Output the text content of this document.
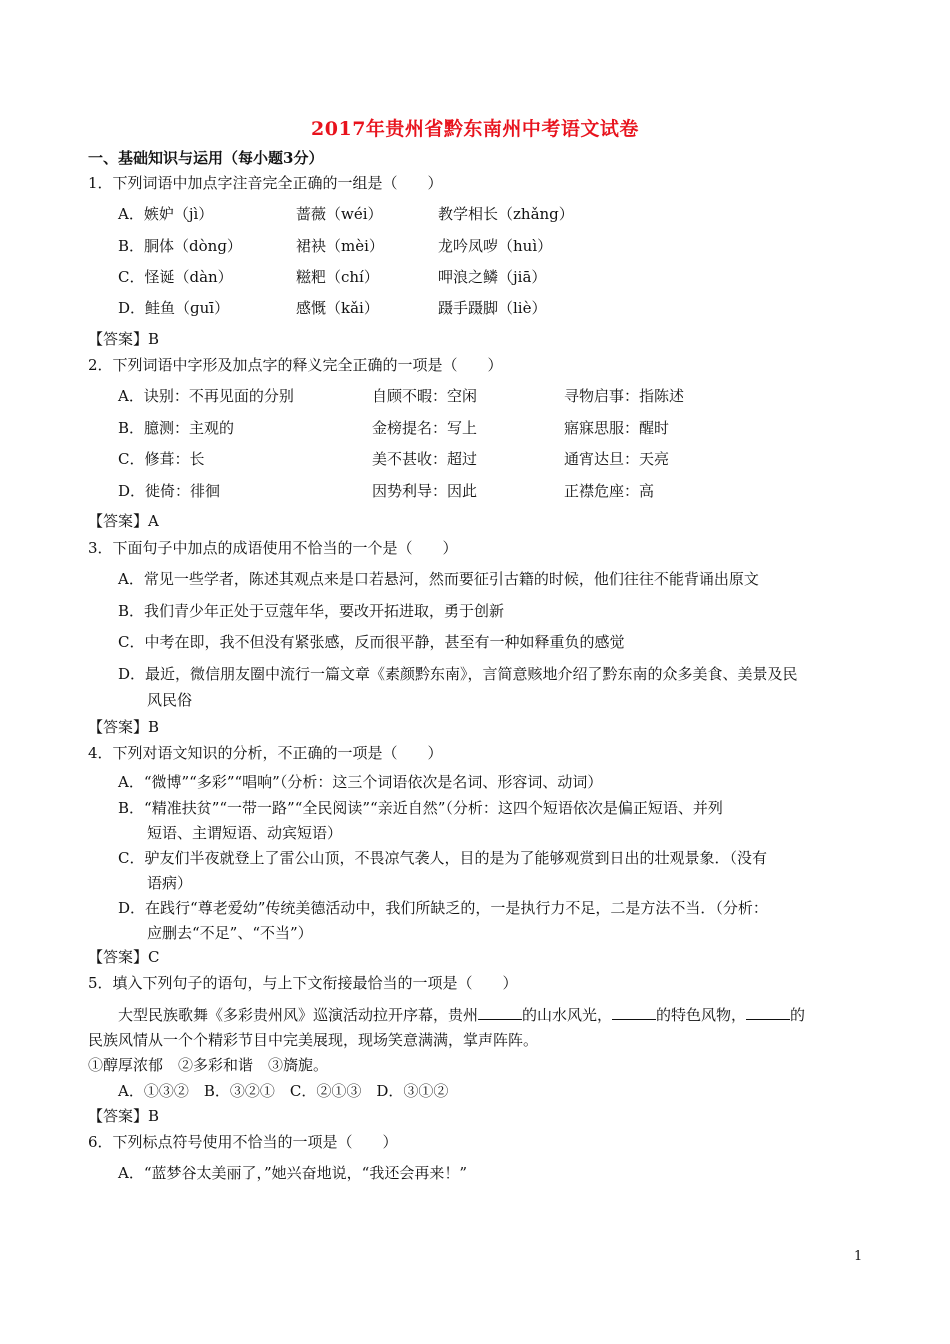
2017年贵州省黔东南州中考语文试卷
一、基础知识与运用（每小题3分）
1．下列词语中加点字注音完全正确的一组是（　　）
A．嫉妒（jì）	蔷薇（wéi）	教学相长（zhǎng）
B．胴体（dònɡ）	裙袂（mèi）	龙吟凤哕（huì）
C．怪诞（dàn）	糍粑（chí）	呷浪之鳞（jiā）
D．鲑鱼（ɡuī）	感慨（kǎi）	蹑手蹑脚（liè）
【答案】B
2．下列词语中字形及加点字的释义完全正确的一项是（　　）
A．诀别：不再见面的分别	自顾不暇：空闲	寻物启事：指陈述
B．臆测：主观的	金榜提名：写上	寤寐思服：醒时
C．修葺：长	美不甚收：超过	通宵达旦：天亮
D．徙倚：徘徊	因势利导：因此	正襟危座：高
【答案】A
3．下面句子中加点的成语使用不恰当的一个是（　　）
A．常见一些学者，陈述其观点来是口若悬河，然而要征引古籍的时候，他们往往不能背诵出原文
B．我们青少年正处于豆蔻年华，要改开拓进取，勇于创新
C．中考在即，我不但没有紧张感，反而很平静，甚至有一种如释重负的感觉
D．最近，微信朋友圈中流行一篇文章《素颜黔东南》，言简意赅地介绍了黔东南的众多美食、美景及民
风民俗
【答案】B
4．下列对语文知识的分析，不正确的一项是（　　）
A．“微博”“多彩”“唱响”（分析：这三个词语依次是名词、形容词、动词）
B．“精准扶贫”“一带一路”“全民阅读”“亲近自然”（分析：这四个短语依次是偏正短语、并列
短语、主谓短语、动宾短语）
C．驴友们半夜就登上了雷公山顶，不畏凉气袭人，目的是为了能够观赏到日出的壮观景象．（没有
语病）
D．在践行“尊老爱幼”传统美德活动中，我们所缺乏的，一是执行力不足，二是方法不当．（分析：
应删去“不足”、“不当”）
【答案】C
5．填入下列句子的语句，与上下文衔接最恰当的一项是（　　）
大型民族歌舞《多彩贵州风》巡演活动拉开序幕，贵州	的山水风光，	的特色风物，	的
民族风情从一个个精彩节目中完美展现，现场笑意满满，掌声阵阵。
①醇厚浓郁　②多彩和谐　③旖旎。
A．①③②　B．③②①　C．②①③　D．③①②
【答案】B
6．下列标点符号使用不恰当的一项是（　　）
A．“蓝梦谷太美丽了，”她兴奋地说，“我还会再来！”
1
